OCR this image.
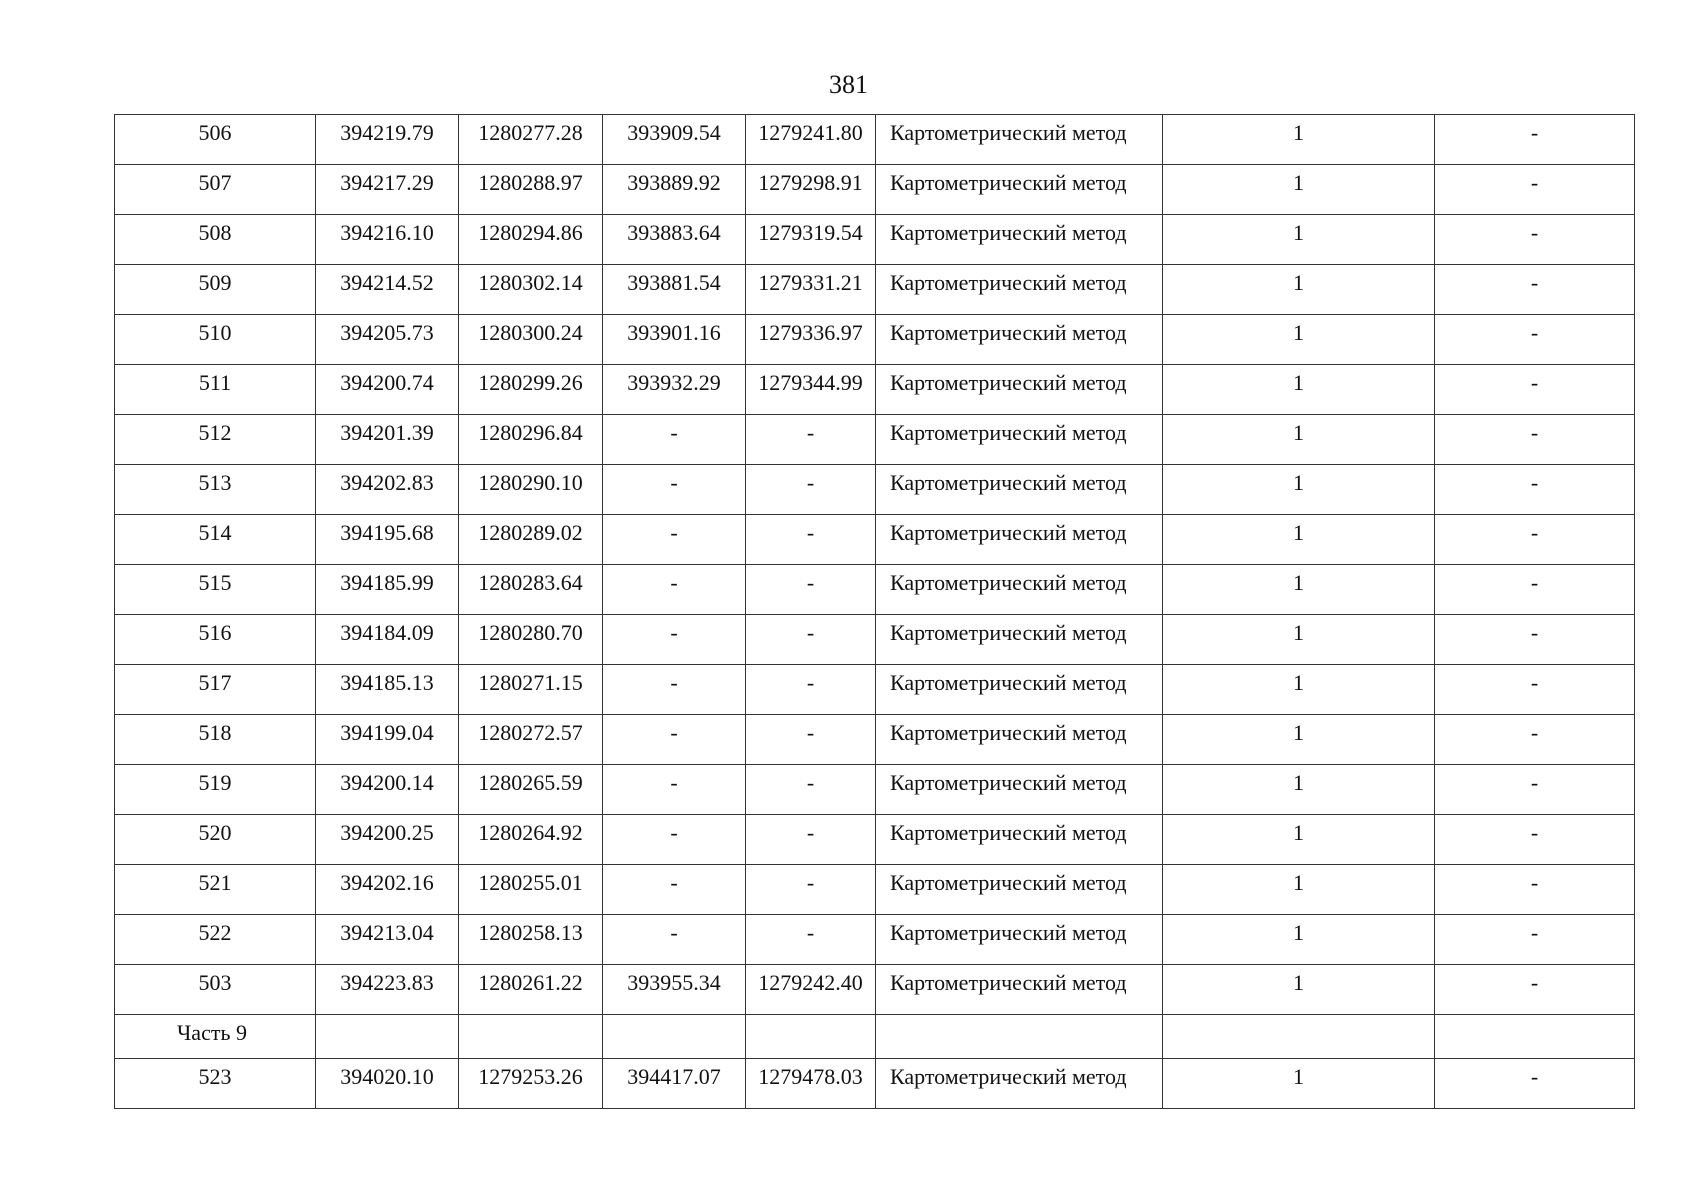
381
506	394219.79	1280277.28	393909.54	1279241.80	Картометрический метод	1	-
507	394217.29	1280288.97	393889.92	1279298.91	Картометрический метод	1	-
508	394216.10	1280294.86	393883.64	1279319.54	Картометрический метод	1	-
509	394214.52	1280302.14	393881.54	1279331.21	Картометрический метод	1	-
510	394205.73	1280300.24	393901.16	1279336.97	Картометрический метод	1	-
511	394200.74	1280299.26	393932.29	1279344.99	Картометрический метод	1	-
512	394201.39	1280296.84	-	-	Картометрический метод	1	-
513	394202.83	1280290.10	-	-	Картометрический метод	1	-
514	394195.68	1280289.02	-	-	Картометрический метод	1	-
515	394185.99	1280283.64	-	-	Картометрический метод	1	-
516	394184.09	1280280.70	-	-	Картометрический метод	1	-
517	394185.13	1280271.15	-	-	Картометрический метод	1	-
518	394199.04	1280272.57	-	-	Картометрический метод	1	-
519	394200.14	1280265.59	-	-	Картометрический метод	1	-
520	394200.25	1280264.92	-	-	Картометрический метод	1	-
521	394202.16	1280255.01	-	-	Картометрический метод	1	-
522	394213.04	1280258.13	-	-	Картометрический метод	1	-
503	394223.83	1280261.22	393955.34	1279242.40	Картометрический метод	1	-
Часть 9							
523	394020.10	1279253.26	394417.07	1279478.03	Картометрический метод	1	-
